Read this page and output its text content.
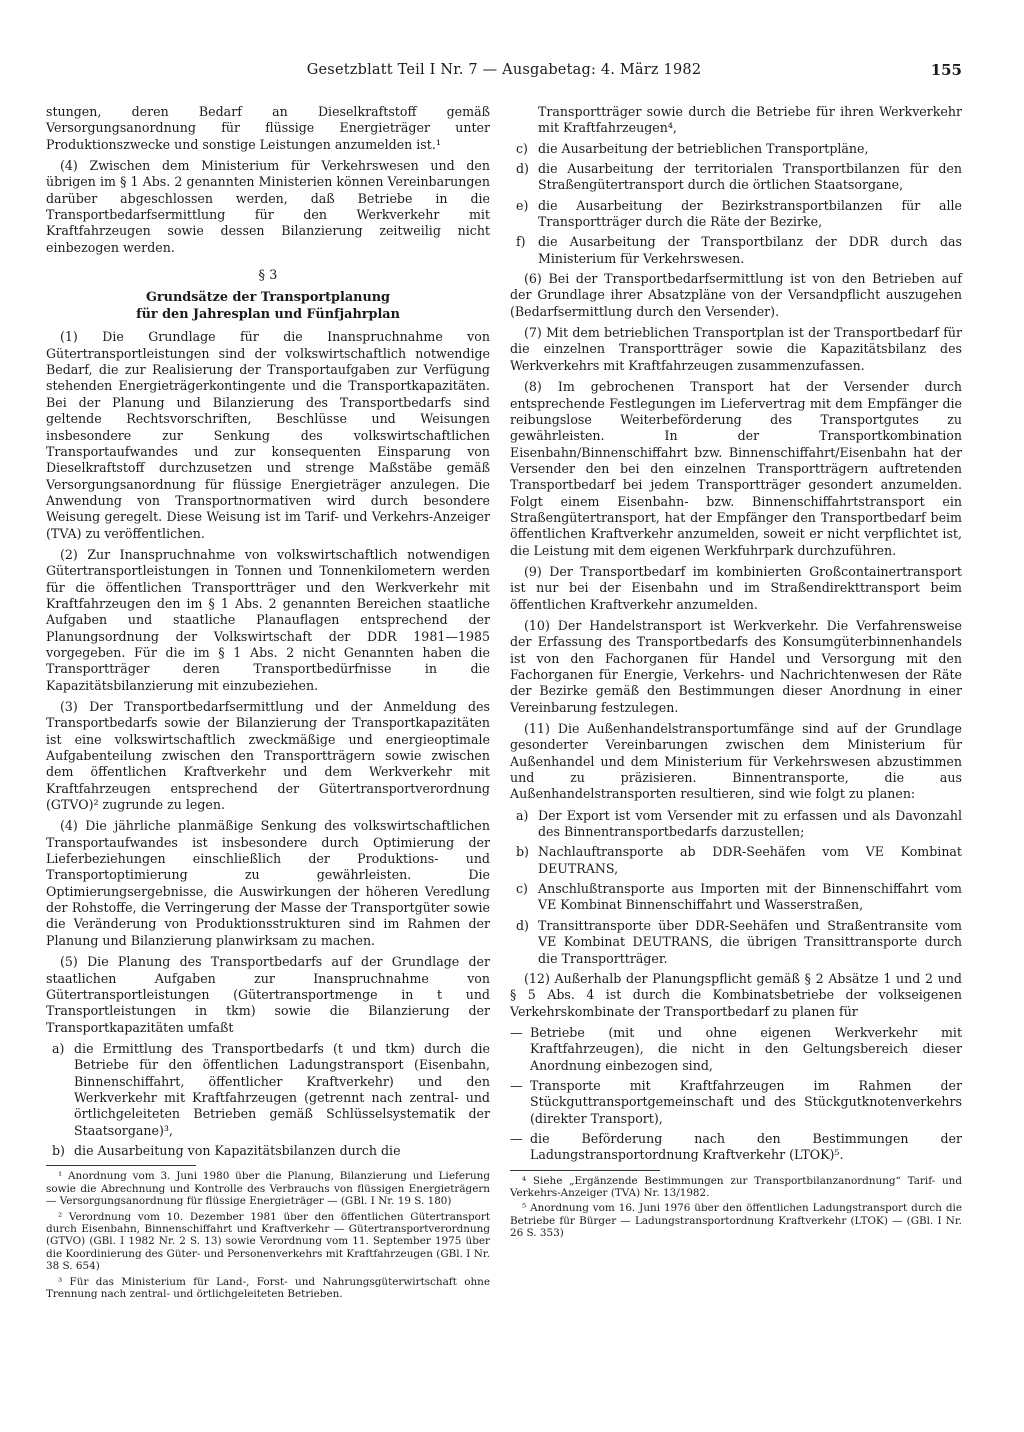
Gesetzblatt Teil I Nr. 7 — Ausgabetag: 4. März 1982	155

stungen, deren Bedarf an Dieselkraftstoff gemäß Versorgungsanordnung für flüssige Energieträger unter Produktionszwecke und sonstige Leistungen anzumelden ist.¹

(4) Zwischen dem Ministerium für Verkehrswesen und den übrigen im § 1 Abs. 2 genannten Ministerien können Vereinbarungen darüber abgeschlossen werden, daß Betriebe in die Transportbedarfsermittlung für den Werkverkehr mit Kraftfahrzeugen sowie dessen Bilanzierung zeitweilig nicht einbezogen werden.

§ 3
Grundsätze der Transportplanung
für den Jahresplan und Fünfjahrplan

(1) Die Grundlage für die Inanspruchnahme von Gütertransportleistungen sind der volkswirtschaftlich notwendige Bedarf, die zur Realisierung der Transportaufgaben zur Verfügung stehenden Energieträgerkontingente und die Transportkapazitäten. Bei der Planung und Bilanzierung des Transportbedarfs sind geltende Rechtsvorschriften, Beschlüsse und Weisungen insbesondere zur Senkung des volkswirtschaftlichen Transportaufwandes und zur konsequenten Einsparung von Dieselkraftstoff durchzusetzen und strenge Maßstäbe gemäß Versorgungsanordnung für flüssige Energieträger anzulegen. Die Anwendung von Transportnormativen wird durch besondere Weisung geregelt. Diese Weisung ist im Tarif- und Verkehrs-Anzeiger (TVA) zu veröffentlichen.

(2) Zur Inanspruchnahme von volkswirtschaftlich notwendigen Gütertransportleistungen in Tonnen und Tonnenkilometern werden für die öffentlichen Transportträger und den Werkverkehr mit Kraftfahrzeugen den im § 1 Abs. 2 genannten Bereichen staatliche Aufgaben und staatliche Planauflagen entsprechend der Planungsordnung der Volkswirtschaft der DDR 1981—1985 vorgegeben. Für die im § 1 Abs. 2 nicht Genannten haben die Transportträger deren Transportbedürfnisse in die Kapazitätsbilanzierung mit einzubeziehen.

(3) Der Transportbedarfsermittlung und der Anmeldung des Transportbedarfs sowie der Bilanzierung der Transportkapazitäten ist eine volkswirtschaftlich zweckmäßige und energieoptimale Aufgabenteilung zwischen den Transportträgern sowie zwischen dem öffentlichen Kraftverkehr und dem Werkverkehr mit Kraftfahrzeugen entsprechend der Gütertransportverordnung (GTVO)² zugrunde zu legen.

(4) Die jährliche planmäßige Senkung des volkswirtschaftlichen Transportaufwandes ist insbesondere durch Optimierung der Lieferbeziehungen einschließlich der Produktions- und Transportoptimierung zu gewährleisten. Die Optimierungsergebnisse, die Auswirkungen der höheren Veredlung der Rohstoffe, die Verringerung der Masse der Transportgüter sowie die Veränderung von Produktionsstrukturen sind im Rahmen der Planung und Bilanzierung planwirksam zu machen.

(5) Die Planung des Transportbedarfs auf der Grundlage der staatlichen Aufgaben zur Inanspruchnahme von Gütertransportleistungen (Gütertransportmenge in t und Transportleistungen in tkm) sowie die Bilanzierung der Transportkapazitäten umfaßt

a) die Ermittlung des Transportbedarfs (t und tkm) durch die Betriebe für den öffentlichen Ladungstransport (Eisenbahn, Binnenschiffahrt, öffentlicher Kraftverkehr) und den Werkverkehr mit Kraftfahrzeugen (getrennt nach zentral- und örtlichgeleiteten Betrieben gemäß Schlüsselsystematik der Staatsorgane)³,
b) die Ausarbeitung von Kapazitätsbilanzen durch die

¹ Anordnung vom 3. Juni 1980 über die Planung, Bilanzierung und Lieferung sowie die Abrechnung und Kontrolle des Verbrauchs von flüssigen Energieträgern — Versorgungsanordnung für flüssige Energieträger — (GBl. I Nr. 19 S. 180)

² Verordnung vom 10. Dezember 1981 über den öffentlichen Gütertransport durch Eisenbahn, Binnenschiffahrt und Kraftverkehr — Gütertransportverordnung (GTVO) (GBl. I 1982 Nr. 2 S. 13) sowie Verordnung vom 11. September 1975 über die Koordinierung des Güter- und Personenverkehrs mit Kraftfahrzeugen (GBl. I Nr. 38 S. 654)

³ Für das Ministerium für Land-, Forst- und Nahrungsgüterwirtschaft ohne Trennung nach zentral- und örtlichgeleiteten Betrieben.

Transportträger sowie durch die Betriebe für ihren Werkverkehr mit Kraftfahrzeugen⁴,
c) die Ausarbeitung der betrieblichen Transportpläne,
d) die Ausarbeitung der territorialen Transportbilanzen für den Straßengütertransport durch die örtlichen Staatsorgane,
e) die Ausarbeitung der Bezirkstransportbilanzen für alle Transportträger durch die Räte der Bezirke,
f) die Ausarbeitung der Transportbilanz der DDR durch das Ministerium für Verkehrswesen.

(6) Bei der Transportbedarfsermittlung ist von den Betrieben auf der Grundlage ihrer Absatzpläne von der Versandpflicht auszugehen (Bedarfsermittlung durch den Versender).

(7) Mit dem betrieblichen Transportplan ist der Transportbedarf für die einzelnen Transportträger sowie die Kapazitätsbilanz des Werkverkehrs mit Kraftfahrzeugen zusammenzufassen.

(8) Im gebrochenen Transport hat der Versender durch entsprechende Festlegungen im Liefervertrag mit dem Empfänger die reibungslose Weiterbeförderung des Transportgutes zu gewährleisten. In der Transportkombination Eisenbahn/Binnenschiffahrt bzw. Binnenschiffahrt/Eisenbahn hat der Versender den bei den einzelnen Transportträgern auftretenden Transportbedarf bei jedem Transportträger gesondert anzumelden. Folgt einem Eisenbahn- bzw. Binnenschiffahrtstransport ein Straßengütertransport, hat der Empfänger den Transportbedarf beim öffentlichen Kraftverkehr anzumelden, soweit er nicht verpflichtet ist, die Leistung mit dem eigenen Werkfuhrpark durchzuführen.

(9) Der Transportbedarf im kombinierten Großcontainertransport ist nur bei der Eisenbahn und im Straßendirekttransport beim öffentlichen Kraftverkehr anzumelden.

(10) Der Handelstransport ist Werkverkehr. Die Verfahrensweise der Erfassung des Transportbedarfs des Konsumgüterbinnenhandels ist von den Fachorganen für Handel und Versorgung mit den Fachorganen für Energie, Verkehrs- und Nachrichtenwesen der Räte der Bezirke gemäß den Bestimmungen dieser Anordnung in einer Vereinbarung festzulegen.

(11) Die Außenhandelstransportumfänge sind auf der Grundlage gesonderter Vereinbarungen zwischen dem Ministerium für Außenhandel und dem Ministerium für Verkehrswesen abzustimmen und zu präzisieren. Binnentransporte, die aus Außenhandelstransporten resultieren, sind wie folgt zu planen:

a) Der Export ist vom Versender mit zu erfassen und als Davonzahl des Binnentransportbedarfs darzustellen;
b) Nachlauftransporte ab DDR-Seehäfen vom VE Kombinat DEUTRANS,
c) Anschlußtransporte aus Importen mit der Binnenschiffahrt vom VE Kombinat Binnenschiffahrt und Wasserstraßen,
d) Transittransporte über DDR-Seehäfen und Straßentransite vom VE Kombinat DEUTRANS, die übrigen Transittransporte durch die Transportträger.

(12) Außerhalb der Planungspflicht gemäß § 2 Absätze 1 und 2 und § 5 Abs. 4 ist durch die Kombinatsbetriebe der volkseigenen Verkehrskombinate der Transportbedarf zu planen für

— Betriebe (mit und ohne eigenen Werkverkehr mit Kraftfahrzeugen), die nicht in den Geltungsbereich dieser Anordnung einbezogen sind,
— Transporte mit Kraftfahrzeugen im Rahmen der Stückguttransportgemeinschaft und des Stückgutknotenverkehrs (direkter Transport),
— die Beförderung nach den Bestimmungen der Ladungstransportordnung Kraftverkehr (LTOK)⁵.

⁴ Siehe „Ergänzende Bestimmungen zur Transportbilanzanordnung“ Tarif- und Verkehrs-Anzeiger (TVA) Nr. 13/1982.

⁵ Anordnung vom 16. Juni 1976 über den öffentlichen Ladungstransport durch die Betriebe für Bürger — Ladungstransportordnung Kraftverkehr (LTOK) — (GBl. I Nr. 26 S. 353)
